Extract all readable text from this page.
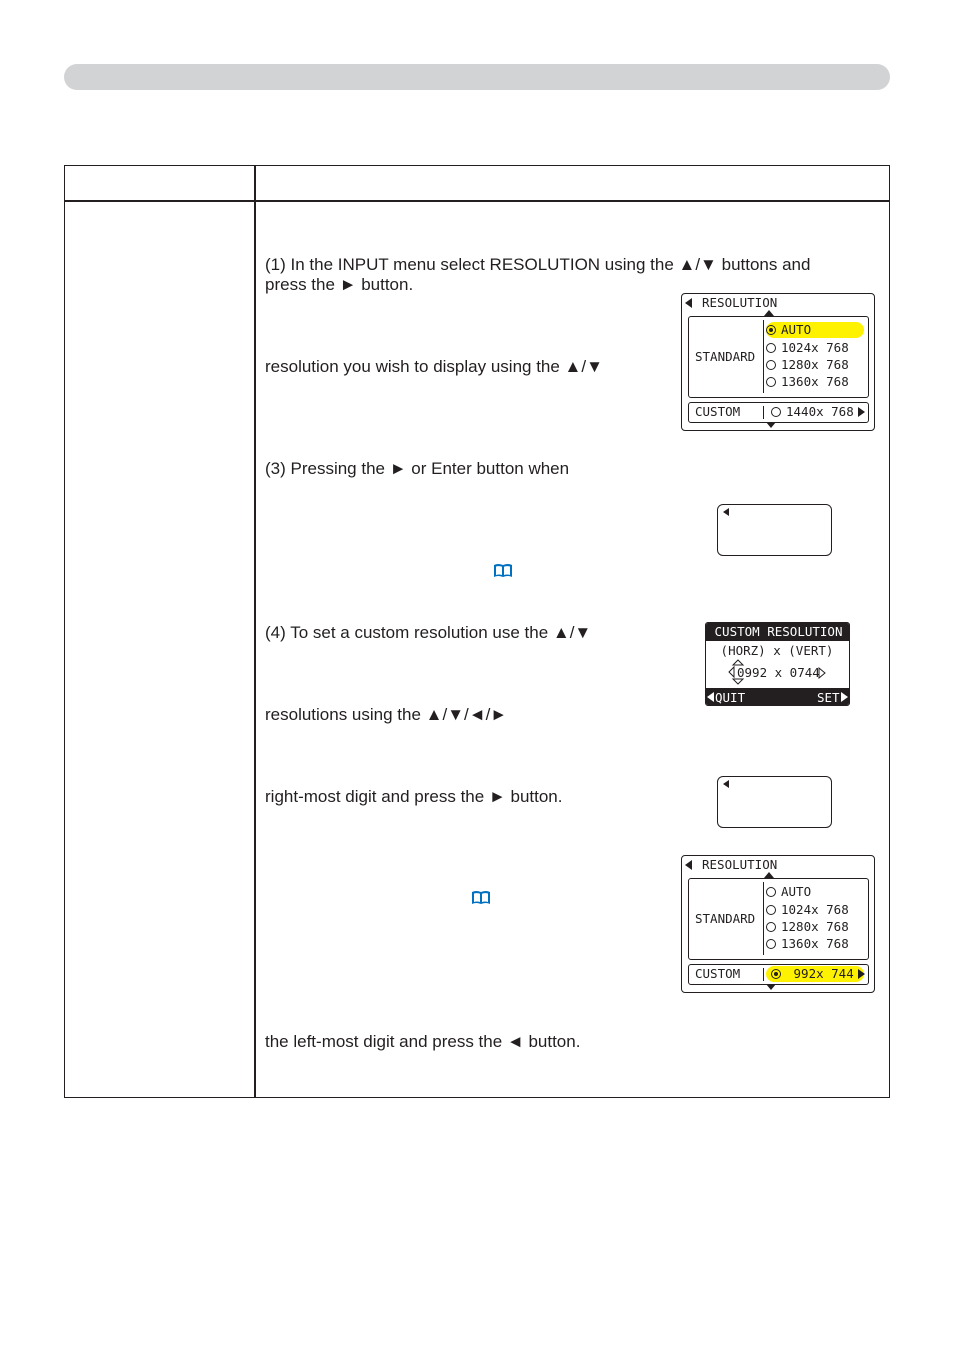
(1) In the INPUT menu select RESOLUTION using the ▲/▼ buttons and
press the ► button.
resolution you wish to display using the ▲/▼
(3) Pressing the ► or Enter button when
(4) To set a custom resolution use the ▲/▼
resolutions using the ▲/▼/◄/►
right-most digit and press the ► button.
the left-most digit and press the ◄ button.
RESOLUTION
STANDARD
AUTO
1024x 768
1280x 768
1360x 768
CUSTOM	1440x 768
CUSTOM RESOLUTION
(HORZ) x (VERT)
0992 x 0744
QUIT	SET
RESOLUTION
STANDARD
AUTO
1024x 768
1280x 768
1360x 768
CUSTOM	992x 744
